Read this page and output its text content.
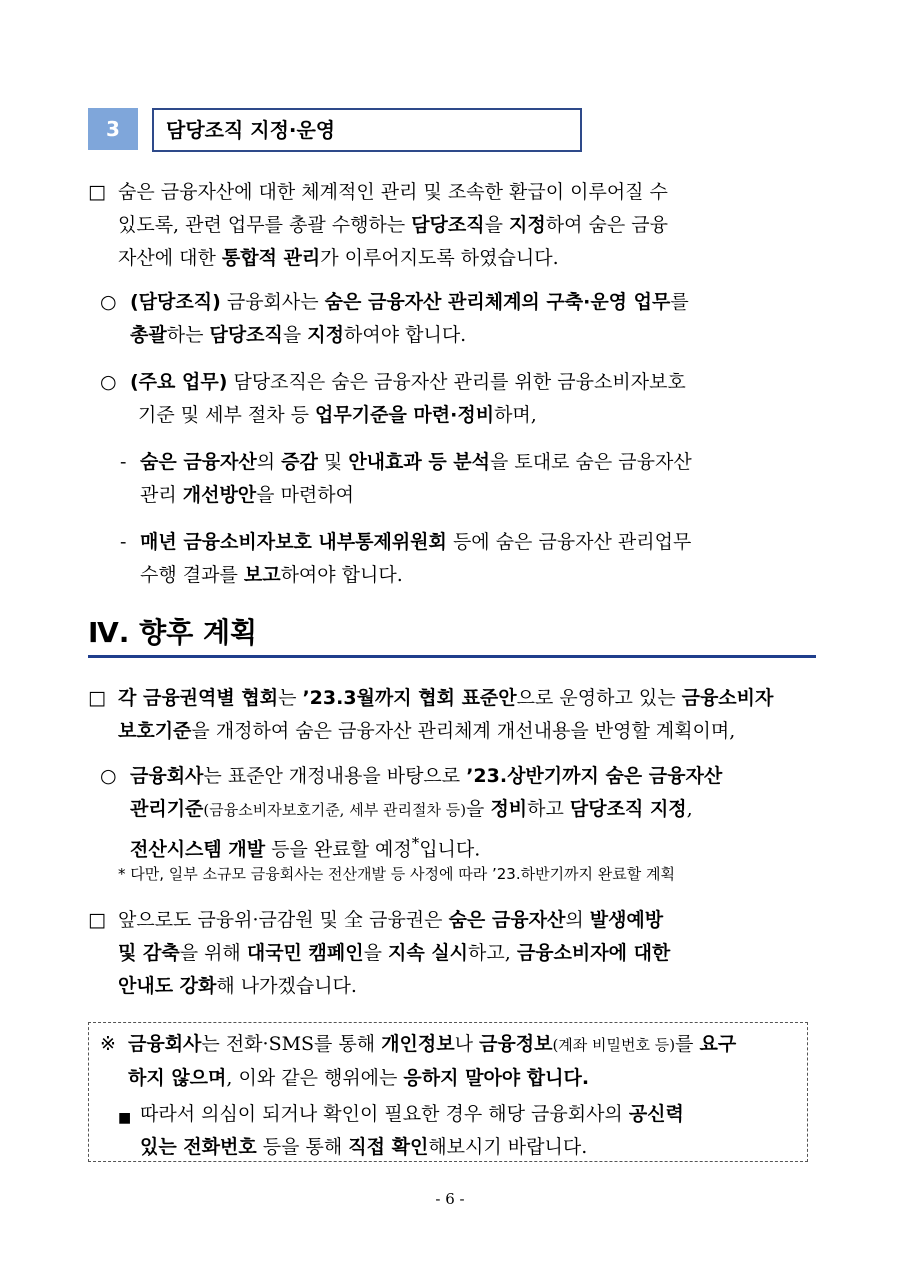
3	담당조직 지정·운영
□ 숨은 금융자산에 대한 체계적인 관리 및 조속한 환급이 이루어질 수
있도록, 관련 업무를 총괄 수행하는 담당조직을 지정하여 숨은 금융
자산에 대한 통합적 관리가 이루어지도록 하였습니다.
○ (담당조직) 금융회사는 숨은 금융자산 관리체계의 구축·운영 업무를
총괄하는 담당조직을 지정하여야 합니다.
○ (주요 업무) 담당조직은 숨은 금융자산 관리를 위한 금융소비자보호
기준 및 세부 절차 등 업무기준을 마련·정비하며,
- 숨은 금융자산의 증감 및 안내효과 등 분석을 토대로 숨은 금융자산
관리 개선방안을 마련하여
- 매년 금융소비자보호 내부통제위원회 등에 숨은 금융자산 관리업무
수행 결과를 보고하여야 합니다.
Ⅳ. 향후 계획
□ 각 금융권역별 협회는 ’23.3월까지 협회 표준안으로 운영하고 있는 금융소비자
보호기준을 개정하여 숨은 금융자산 관리체계 개선내용을 반영할 계획이며,
○ 금융회사는 표준안 개정내용을 바탕으로 ’23.상반기까지 숨은 금융자산
관리기준(금융소비자보호기준, 세부 관리절차 등)을 정비하고 담당조직 지정,
전산시스템 개발 등을 완료할 예정*입니다.
* 다만, 일부 소규모 금융회사는 전산개발 등 사정에 따라 ’23.하반기까지 완료할 계획
□ 앞으로도 금융위·금감원 및 全 금융권은 숨은 금융자산의 발생예방
및 감축을 위해 대국민 캠페인을 지속 실시하고, 금융소비자에 대한
안내도 강화해 나가겠습니다.
※ 금융회사는 전화·SMS를 통해 개인정보나 금융정보(계좌 비밀번호 등)를 요구
하지 않으며, 이와 같은 행위에는 응하지 말아야 합니다.
■ 따라서 의심이 되거나 확인이 필요한 경우 해당 금융회사의 공신력
있는 전화번호 등을 통해 직접 확인해보시기 바랍니다.
- 6 -
